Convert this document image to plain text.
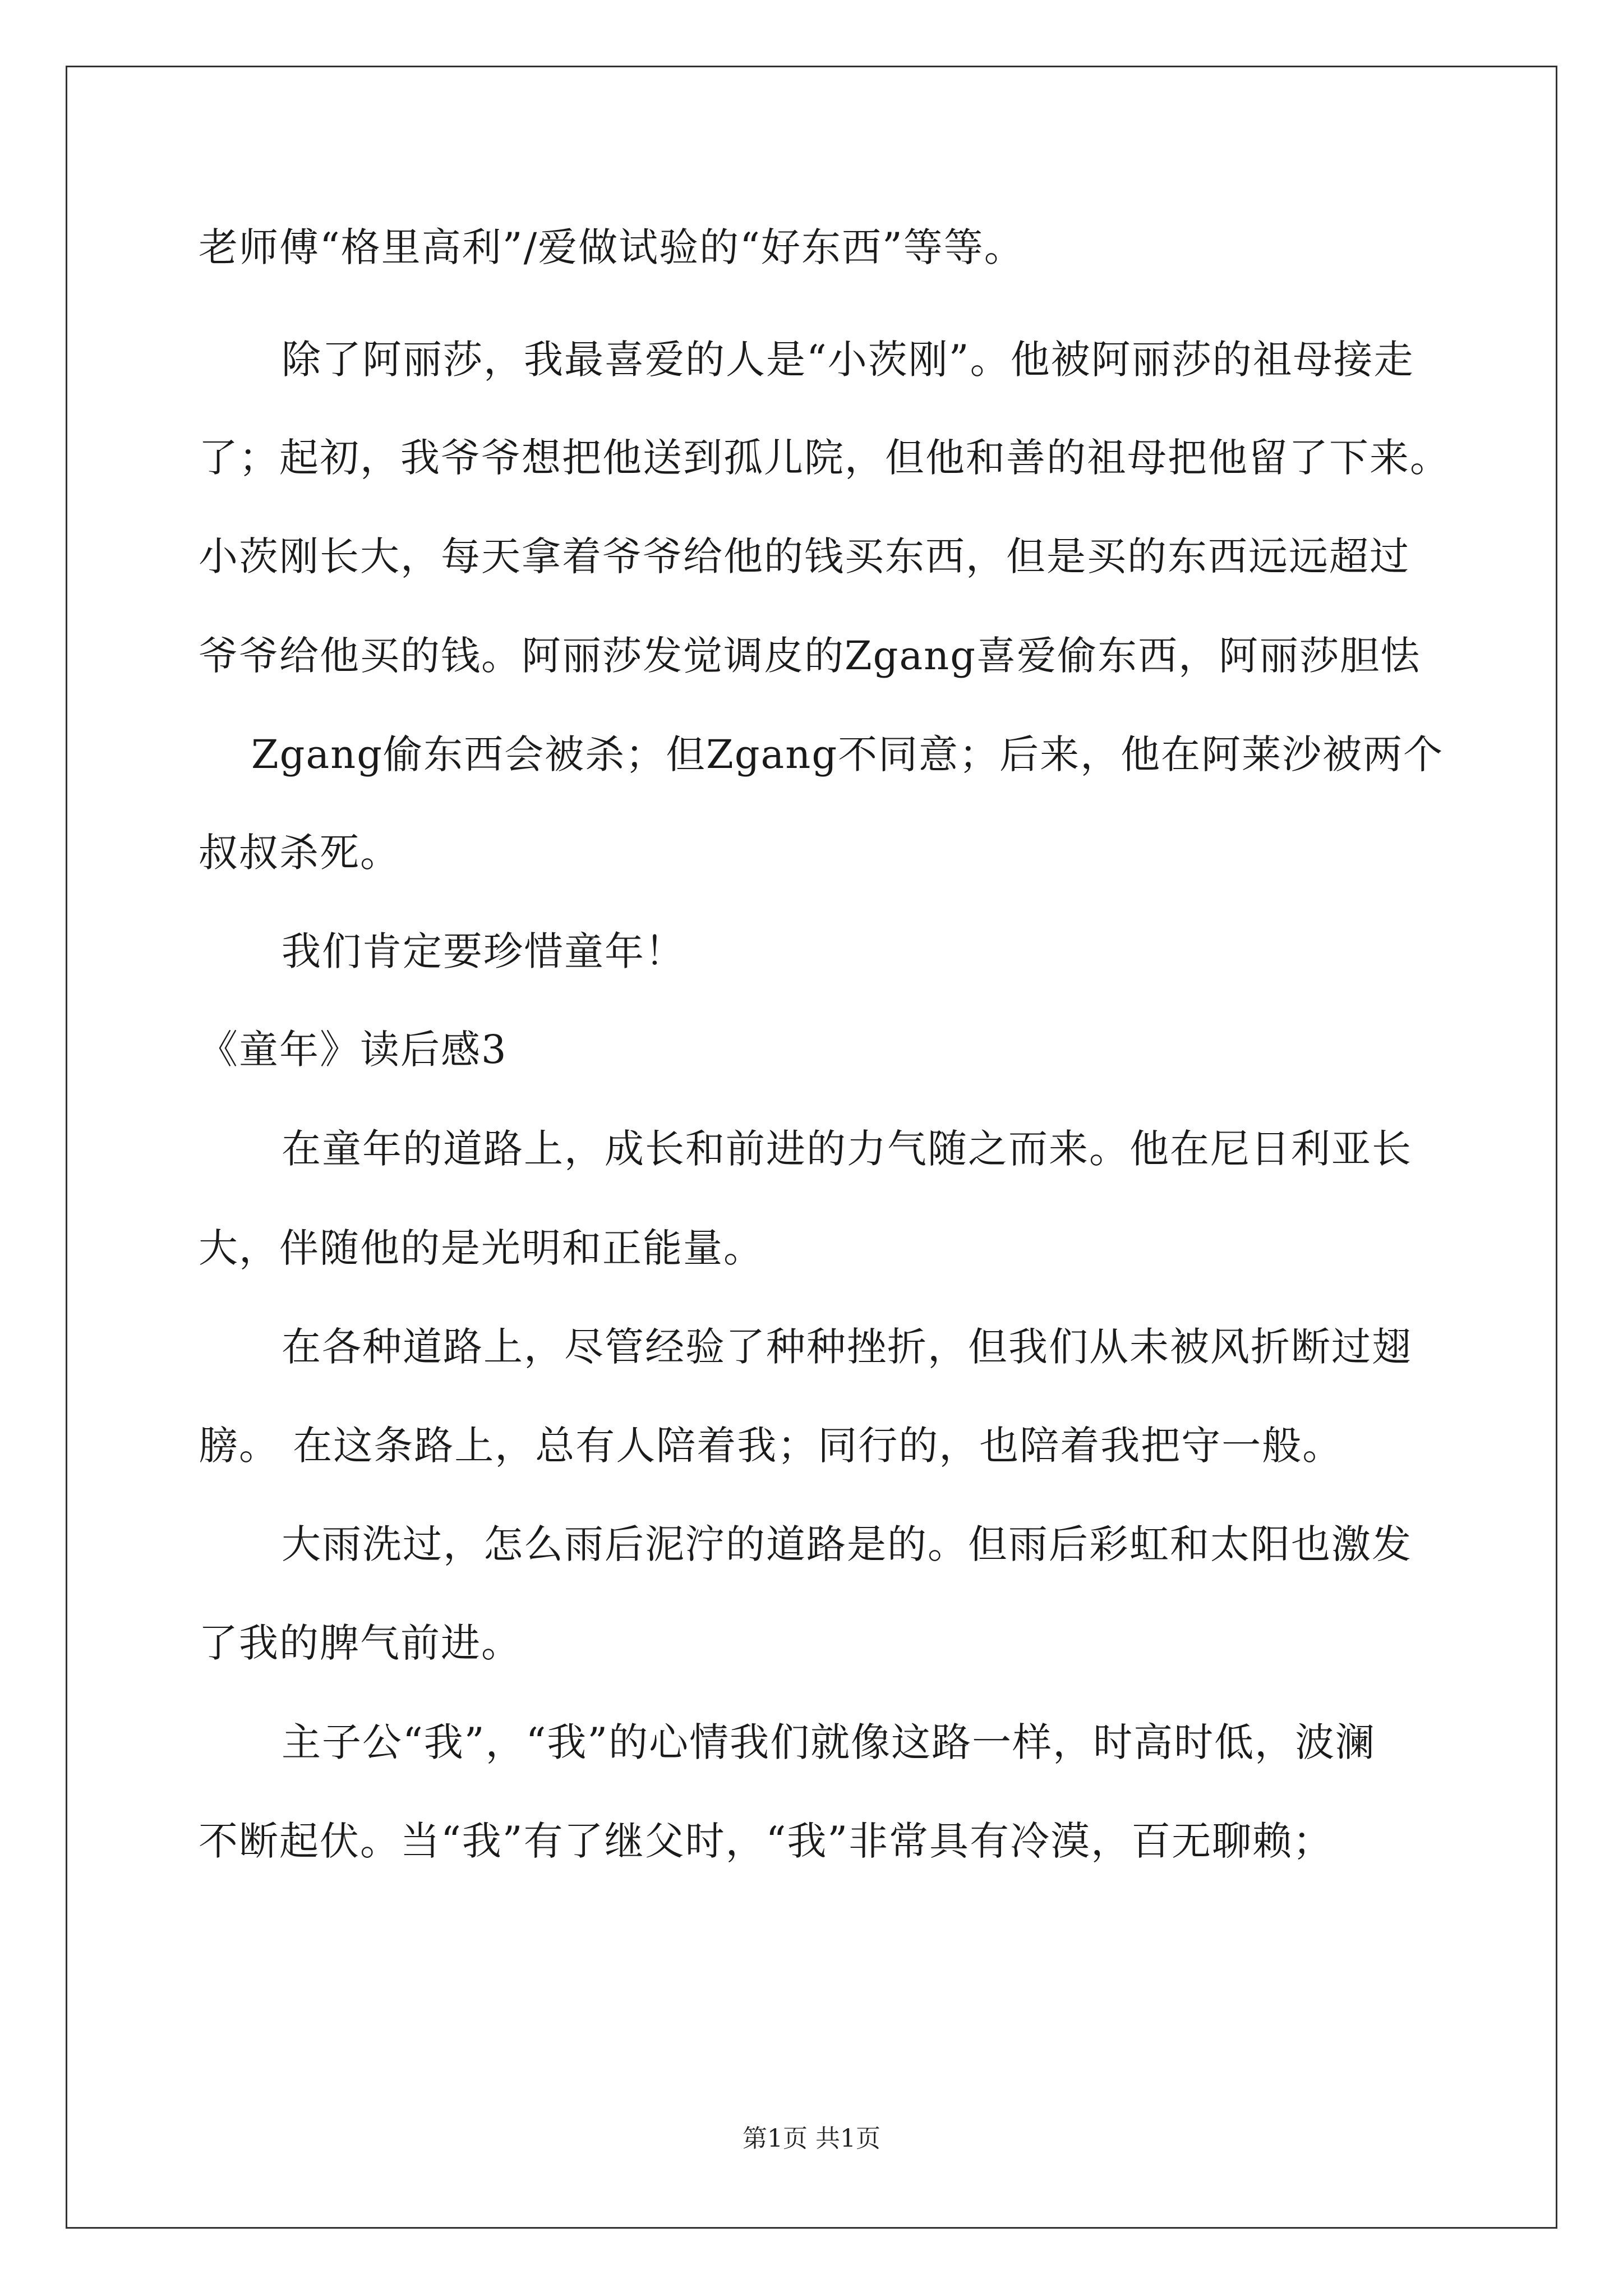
老师傅“格里高利”/爱做试验的“好东西”等等。
除了阿丽莎，我最喜爱的人是“小茨刚”。他被阿丽莎的祖母接走
了；起初，我爷爷想把他送到孤儿院，但他和善的祖母把他留了下来。
小茨刚长大，每天拿着爷爷给他的钱买东西，但是买的东西远远超过
爷爷给他买的钱。阿丽莎发觉调皮的Zgang喜爱偷东西，阿丽莎胆怯
Zgang偷东西会被杀；但Zgang不同意；后来，他在阿莱沙被两个
叔叔杀死。
我们肯定要珍惜童年！
《童年》读后感3
在童年的道路上，成长和前进的力气随之而来。他在尼日利亚长
大，伴随他的是光明和正能量。
在各种道路上，尽管经验了种种挫折，但我们从未被风折断过翅
膀。 在这条路上，总有人陪着我；同行的，也陪着我把守一般。
大雨洗过，怎么雨后泥泞的道路是的。但雨后彩虹和太阳也激发
了我的脾气前进。
主子公“我”，“我”的心情我们就像这路一样，时高时低，波澜
不断起伏。当“我”有了继父时，“我”非常具有冷漠，百无聊赖；
第1页 共1页
